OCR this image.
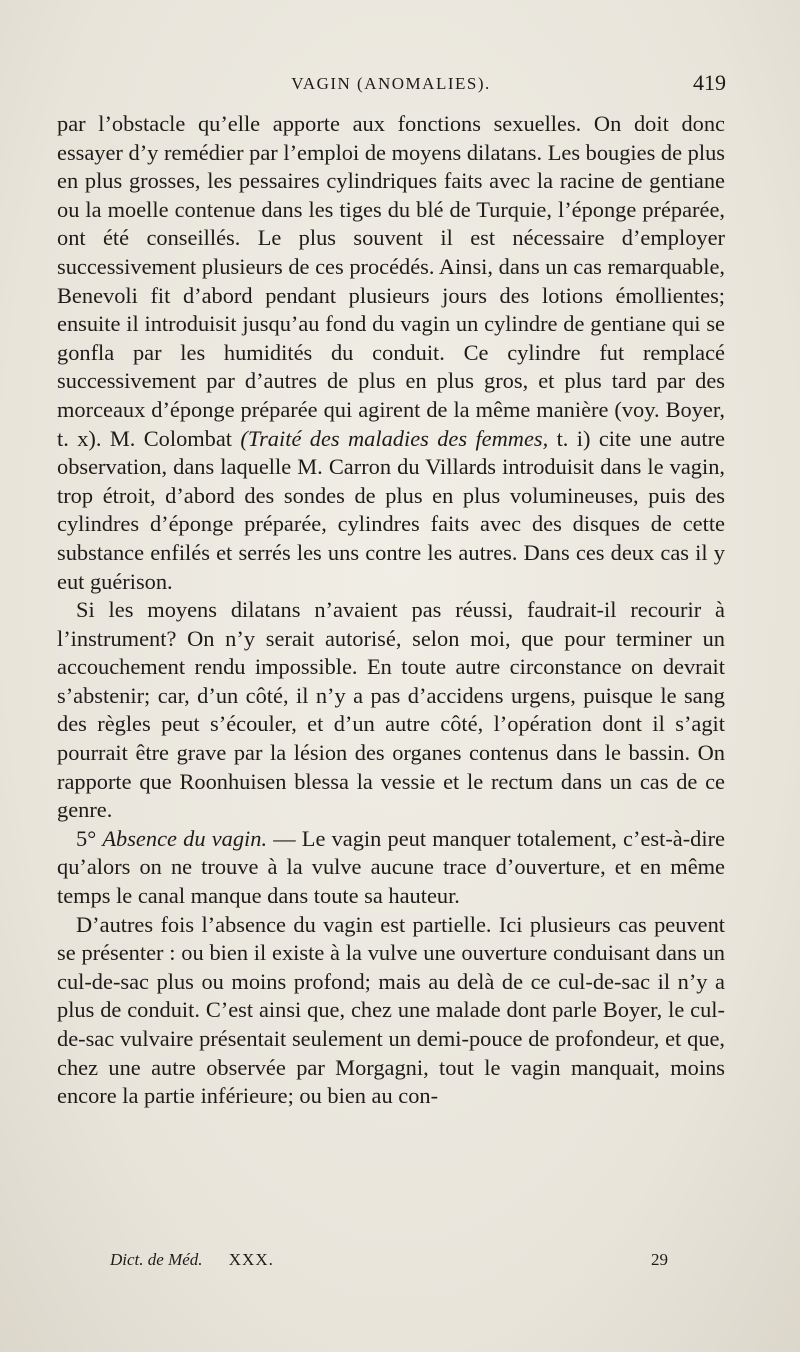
VAGIN (ANOMALIES).	419

par l’obstacle qu’elle apporte aux fonctions sexuelles. On doit donc essayer d’y remédier par l’emploi de moyens dilatans. Les bougies de plus en plus grosses, les pessaires cylindriques faits avec la racine de gentiane ou la moelle contenue dans les tiges du blé de Turquie, l’éponge préparée, ont été conseillés. Le plus souvent il est nécessaire d’employer successivement plusieurs de ces procédés. Ainsi, dans un cas remarquable, Benevoli fit d’abord pendant plusieurs jours des lotions émollientes; ensuite il introduisit jusqu’au fond du vagin un cylindre de gentiane qui se gonfla par les humidités du conduit. Ce cylindre fut remplacé successivement par d’autres de plus en plus gros, et plus tard par des morceaux d’éponge préparée qui agirent de la même manière (voy. Boyer, t. x). M. Colombat (Traité des maladies des femmes, t. i) cite une autre observation, dans laquelle M. Carron du Villards introduisit dans le vagin, trop étroit, d’abord des sondes de plus en plus volumineuses, puis des cylindres d’éponge préparée, cylindres faits avec des disques de cette substance enfilés et serrés les uns contre les autres. Dans ces deux cas il y eut guérison.

Si les moyens dilatans n’avaient pas réussi, faudrait-il recourir à l’instrument? On n’y serait autorisé, selon moi, que pour terminer un accouchement rendu impossible. En toute autre circonstance on devrait s’abstenir; car, d’un côté, il n’y a pas d’accidens urgens, puisque le sang des règles peut s’écouler, et d’un autre côté, l’opération dont il s’agit pourrait être grave par la lésion des organes contenus dans le bassin. On rapporte que Roonhuisen blessa la vessie et le rectum dans un cas de ce genre.

5° Absence du vagin. — Le vagin peut manquer totalement, c’est-à-dire qu’alors on ne trouve à la vulve aucune trace d’ouverture, et en même temps le canal manque dans toute sa hauteur.

D’autres fois l’absence du vagin est partielle. Ici plusieurs cas peuvent se présenter : ou bien il existe à la vulve une ouverture conduisant dans un cul-de-sac plus ou moins profond; mais au delà de ce cul-de-sac il n’y a plus de conduit. C’est ainsi que, chez une malade dont parle Boyer, le cul-de-sac vulvaire présentait seulement un demi-pouce de profondeur, et que, chez une autre observée par Morgagni, tout le vagin manquait, moins encore la partie inférieure; ou bien au con-

Dict. de Méd. XXX.	29
